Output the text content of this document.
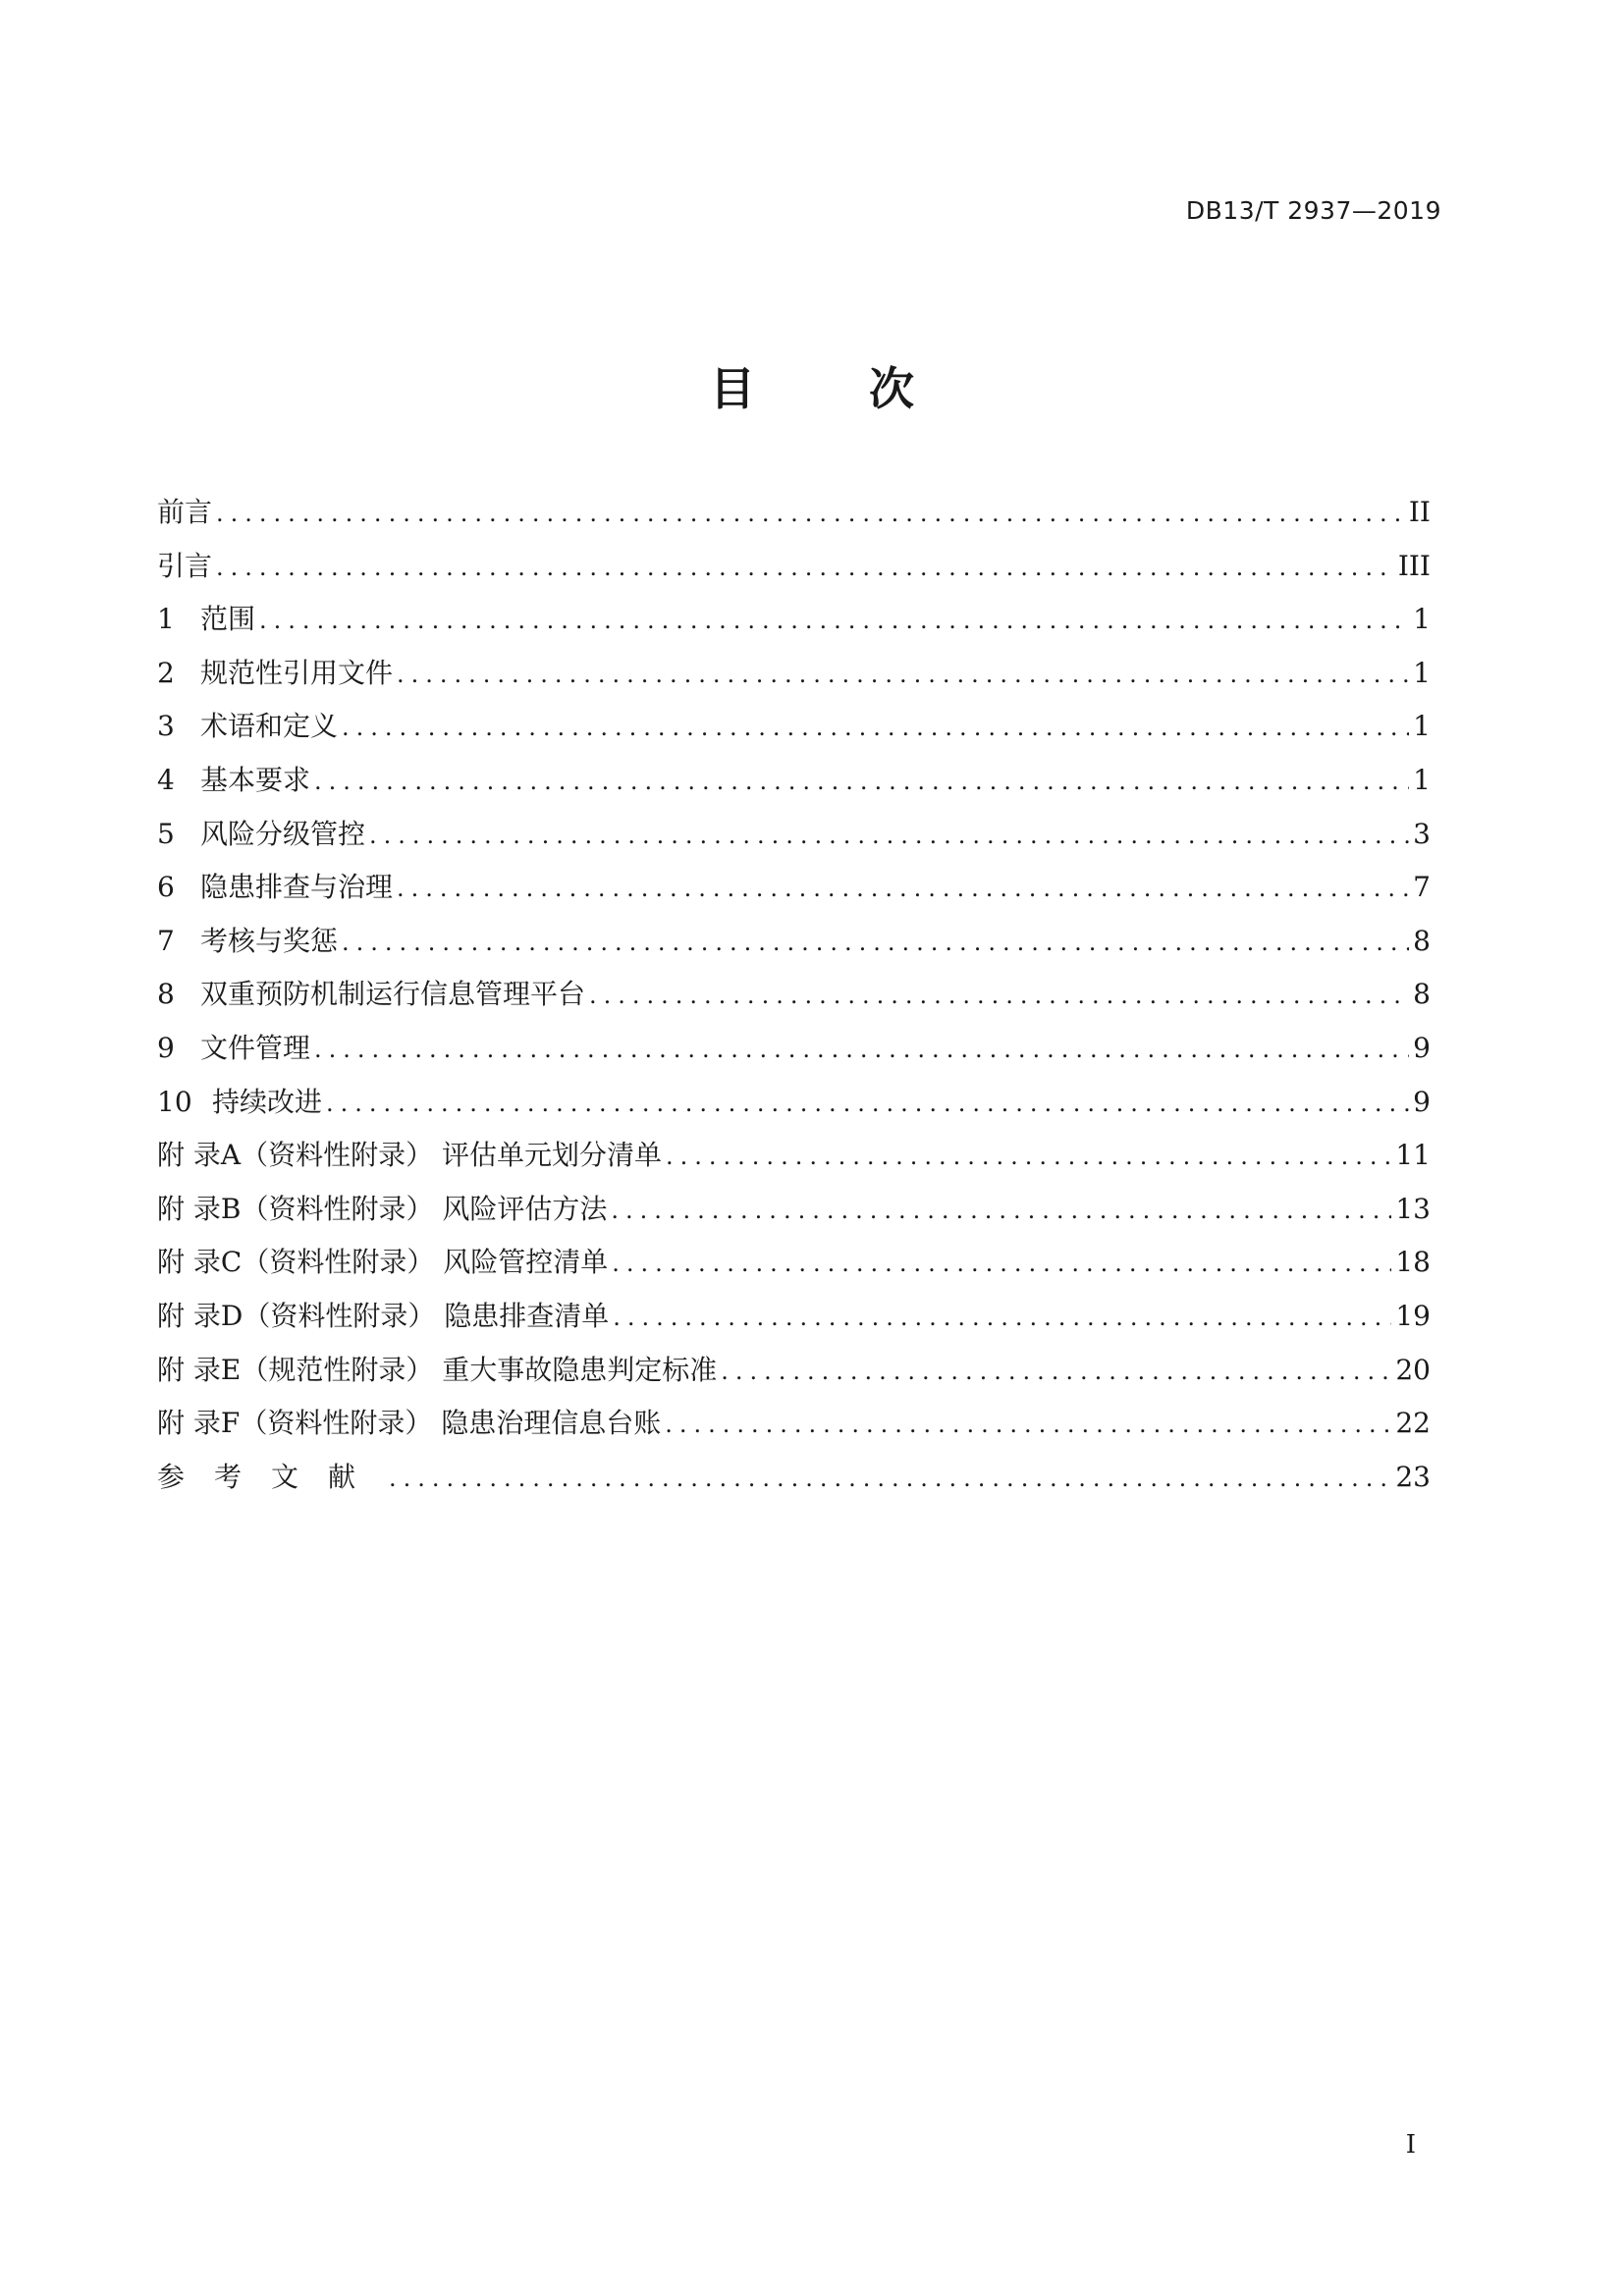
DB13/T 2937—2019
目 次
前言 .....	II
引言 .....	III
1 范围 .....	1
2 规范性引用文件 .....	1
3 术语和定义 .....	1
4 基本要求 .....	1
5 风险分级管控 .....	3
6 隐患排查与治理 .....	7
7 考核与奖惩 .....	8
8 双重预防机制运行信息管理平台 .....	8
9 文件管理 .....	9
10 持续改进 .....	9
附 录A（资料性附录） 评估单元划分清单 .....	11
附 录B（资料性附录） 风险评估方法 .....	13
附 录C（资料性附录） 风险管控清单 .....	18
附 录D（资料性附录） 隐患排查清单 .....	19
附 录E（规范性附录） 重大事故隐患判定标准 .....	20
附 录F（资料性附录） 隐患治理信息台账 .....	22
参考文献 .....	23
I
